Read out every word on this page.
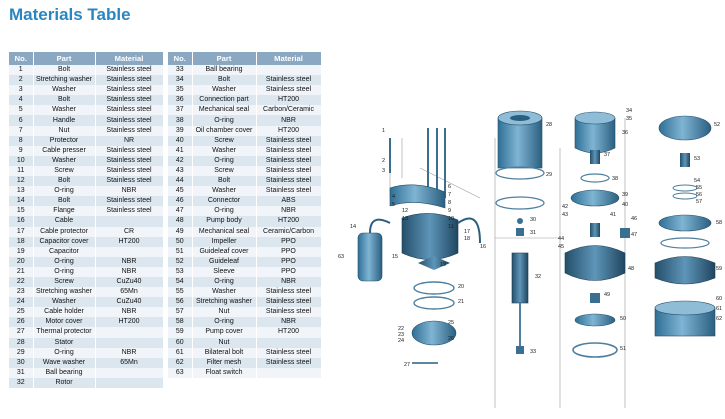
Materials Table
No.	Part	Material
1	Bolt	Stainless steel
2	Stretching washer	Stainless steel
3	Washer	Stainless steel
4	Bolt	Stainless steel
5	Washer	Stainless steel
6	Handle	Stainless steel
7	Nut	Stainless steel
8	Protector	NR
9	Cable presser	Stainless steel
10	Washer	Stainless steel
11	Screw	Stainless steel
12	Bolt	Stainless steel
13	O-ring	NBR
14	Bolt	Stainless steel
15	Flange	Stainless steel
16	Cable	
17	Cable protector	CR
18	Capacitor cover	HT200
19	Capacitor	
20	O-ring	NBR
21	O-ring	NBR
22	Screw	CuZu40
23	Stretching washer	65Mn
24	Washer	CuZu40
25	Cable holder	NBR
26	Motor cover	HT200
27	Thermal protector	
28	Stator	
29	O-ring	NBR
30	Wave washer	65Mn
31	Ball bearing	
32	Rotor	
No.	Part	Material
33	Ball bearing	
34	Bolt	Stainless steel
35	Washer	Stainless steel
36	Connection part	HT200
37	Mechanical seal	Carbon/Ceramic
38	O-ring	NBR
39	Oil chamber cover	HT200
40	Screw	Stainless steel
41	Washer	Stainless steel
42	O-ring	Stainless steel
43	Screw	Stainless steel
44	Bolt	Stainless steel
45	Washer	Stainless steel
46	Connector	ABS
47	O-ring	NBR
48	Pump body	HT200
49	Mechanical seal	Ceramic/Carbon
50	Impeller	PPO
51	Guideleaf cover	PPO
52	Guideleaf	PPO
53	Sleeve	PPO
54	O-ring	NBR
55	Washer	Stainless steel
56	Stretching washer	Stainless steel
57	Nut	Stainless steel
58	O-ring	NBR
59	Pump cover	HT200
60	Nut	
61	Bilateral bolt	Stainless steel
62	Filter mesh	Stainless steel
63	Float switch	
1
2
3
4
5
6
7
8
9
10
11
12
13
14
15
16
17
18
19
20
21
22
23
24
25
26
27
28
29
30
31
32
33
34
35
36
37
38
39
40
41
42
43
44
45
46
47
48
49
50
51
52
53
54
55
56
57
58
59
60
61
62
63
